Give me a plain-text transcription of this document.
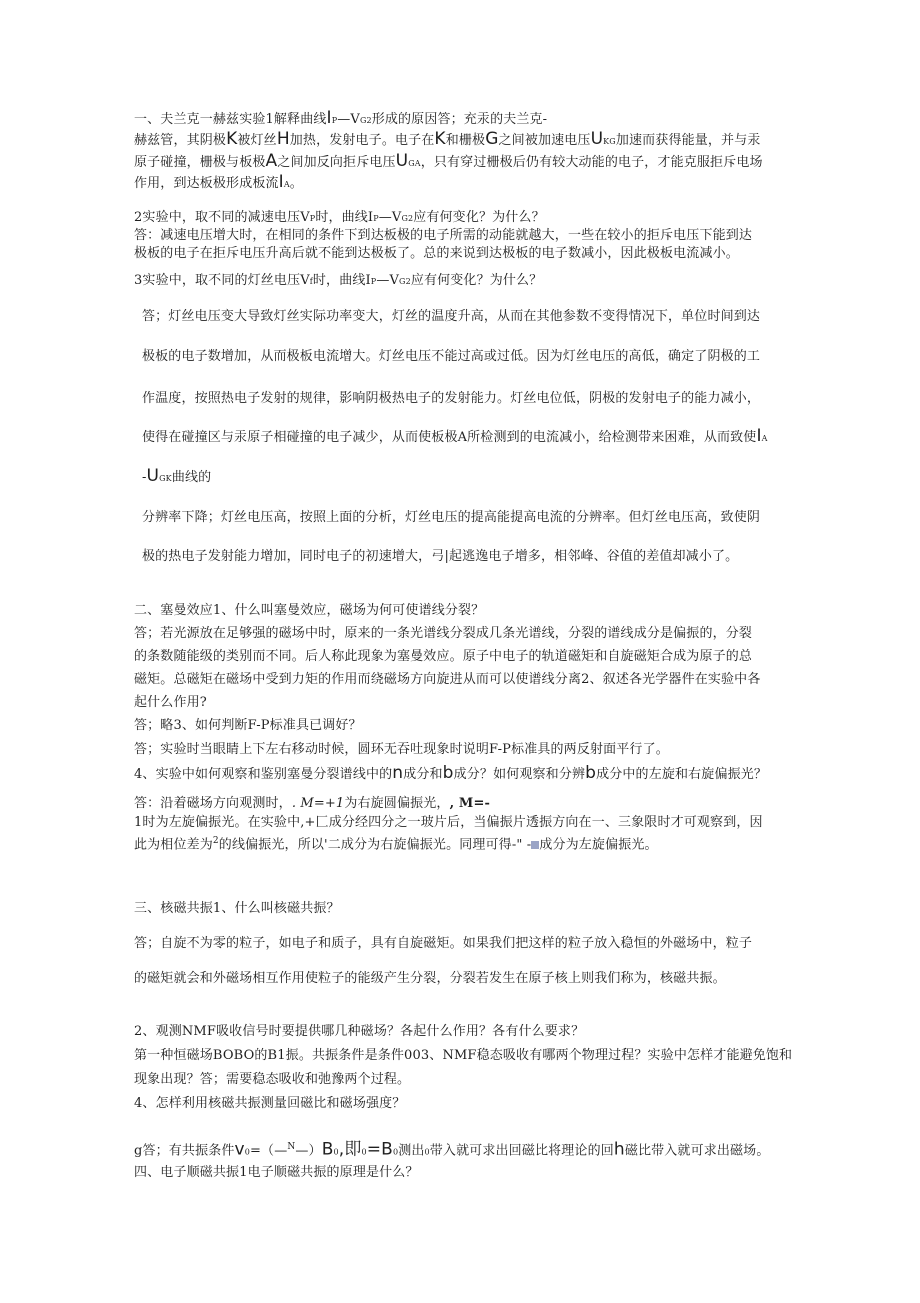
一、夫兰克一赫兹实验1解释曲线IP—VG2形成的原因答；充汞的夫兰克-
赫兹管，其阴极K被灯丝H加热，发射电子。电子在K和栅极G之间被加速电压UKG加速而获得能量，并与汞
原子碰撞，栅极与板极A之间加反向拒斥电压UGA，只有穿过栅极后仍有较大动能的电子，才能克服拒斥电场
作用，到达板极形成板流IA。
2实验中，取不同的减速电压VP时，曲线IP—VG2应有何变化？为什么？
答：减速电压增大时，在相同的条件下到达板极的电子所需的动能就越大，一些在较小的拒斥电压下能到达
极板的电子在拒斥电压升高后就不能到达极板了。总的来说到达极板的电子数减小，因此极板电流减小。
3实验中，取不同的灯丝电压Vf时，曲线IP—VG2应有何变化？为什么？
答；灯丝电压变大导致灯丝实际功率变大，灯丝的温度升高，从而在其他参数不变得情况下，单位时间到达
极板的电子数增加，从而极板电流增大。灯丝电压不能过高或过低。因为灯丝电压的高低，确定了阴极的工
作温度，按照热电子发射的规律，影响阴极热电子的发射能力。灯丝电位低，阴极的发射电子的能力减小，
使得在碰撞区与汞原子相碰撞的电子减少，从而使板极A所检测到的电流减小，给检测带来困难，从而致使IA
-UGK曲线的
分辨率下降；灯丝电压高，按照上面的分析，灯丝电压的提高能提高电流的分辨率。但灯丝电压高，致使阴
极的热电子发射能力增加，同时电子的初速增大，弓|起逃逸电子增多，相邻峰、谷值的差值却减小了。
二、塞曼效应1、什么叫塞曼效应，磁场为何可使谱线分裂？
答；若光源放在足够强的磁场中时，原来的一条光谱线分裂成几条光谱线，分裂的谱线成分是偏振的，分裂
的条数随能级的类别而不同。后人称此现象为塞曼效应。原子中电子的轨道磁矩和自旋磁矩合成为原子的总
磁矩。总磁矩在磁场中受到力矩的作用而绕磁场方向旋进从而可以使谱线分离2、叙述各光学器件在实验中各
起什么作用?
答；略3、如何判断F-P标准具已调好？
答；实验时当眼睛上下左右移动时候，圆环无吞吐现象时说明F-P标准具的两反射面平行了。
4、实验中如何观察和鉴别塞曼分裂谱线中的n成分和b成分？如何观察和分辨b成分中的左旋和右旋偏振光？
答：沿着磁场方向观测时，. M=+1为右旋圆偏振光，, M=-
1时为左旋偏振光。在实验中,+匚成分经四分之一玻片后，当偏振片透振方向在一、三象限时才可观察到，因
此为相位差为$^2$的线偏振光，所以'二成分为右旋偏振光。同理可得-" - 成分为左旋偏振光。
三、核磁共振1、什么叫核磁共振？
答；自旋不为零的粒子，如电子和质子，具有自旋磁矩。如果我们把这样的粒子放入稳恒的外磁场中，粒子
的磁矩就会和外磁场相互作用使粒子的能级产生分裂，分裂若发生在原子核上则我们称为，核磁共振。
2、观测NMF吸收信号时要提供哪几种磁场？各起什么作用？各有什么要求？
第一种恒磁场BOBO的B1振。共振条件是条件003、NMF稳态吸收有哪两个物理过程？实验中怎样才能避免饱和
现象出现？答；需要稳态吸收和弛豫两个过程。
4、怎样利用核磁共振测量回磁比和磁场强度？
g答；有共振条件v0=（—$^N$—）B0,即0=B0测出0带入就可求出回磁比将理论的回h磁比带入就可求出磁场。
四、电子顺磁共振1电子顺磁共振的原理是什么？
